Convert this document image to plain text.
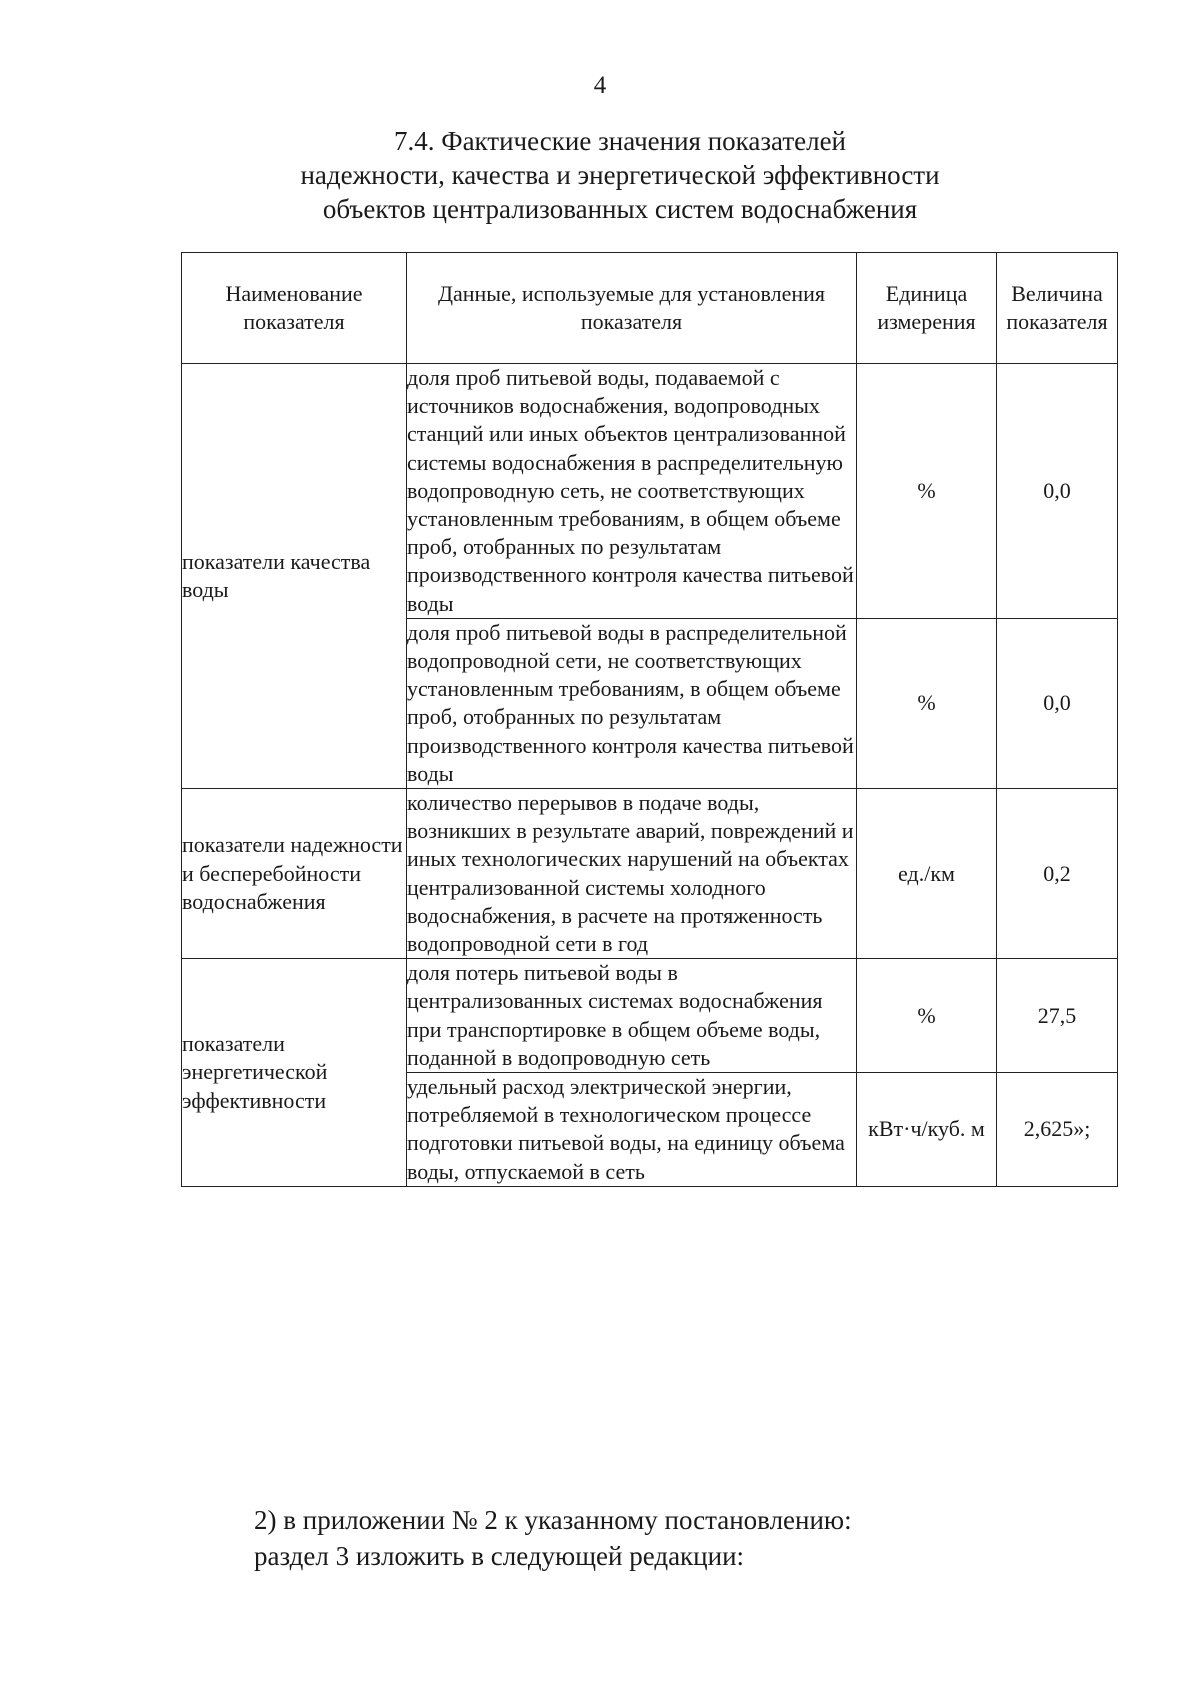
4
7.4. Фактические значения показателей
надежности, качества и энергетической эффективности
объектов централизованных систем водоснабжения
Наименование показателя	Данные, используемые для установления показателя	Единица измерения	Величина показателя
показатели качества воды	доля проб питьевой воды, подаваемой с источников водоснабжения, водопроводных станций или иных объектов централизованной системы водоснабжения в распределительную водопроводную сеть, не соответствующих установленным требованиям, в общем объеме проб, отобранных по результатам производственного контроля качества питьевой воды	%	0,0
	доля проб питьевой воды в распределительной водопроводной сети, не соответствующих установленным требованиям, в общем объеме проб, отобранных по результатам производственного контроля качества питьевой воды	%	0,0
показатели надежности и бесперебойности водоснабжения	количество перерывов в подаче воды, возникших в результате аварий, повреждений и иных технологических нарушений на объектах централизованной системы холодного водоснабжения, в расчете на протяженность водопроводной сети в год	ед./км	0,2
показатели энергетической эффективности	доля потерь питьевой воды в централизованных системах водоснабжения при транспортировке в общем объеме воды, поданной в водопроводную сеть	%	27,5
	удельный расход электрической энергии, потребляемой в технологическом процессе подготовки питьевой воды, на единицу объема воды, отпускаемой в сеть	кВт·ч/куб. м	2,625»;
2) в приложении № 2 к указанному постановлению:
раздел 3 изложить в следующей редакции:
